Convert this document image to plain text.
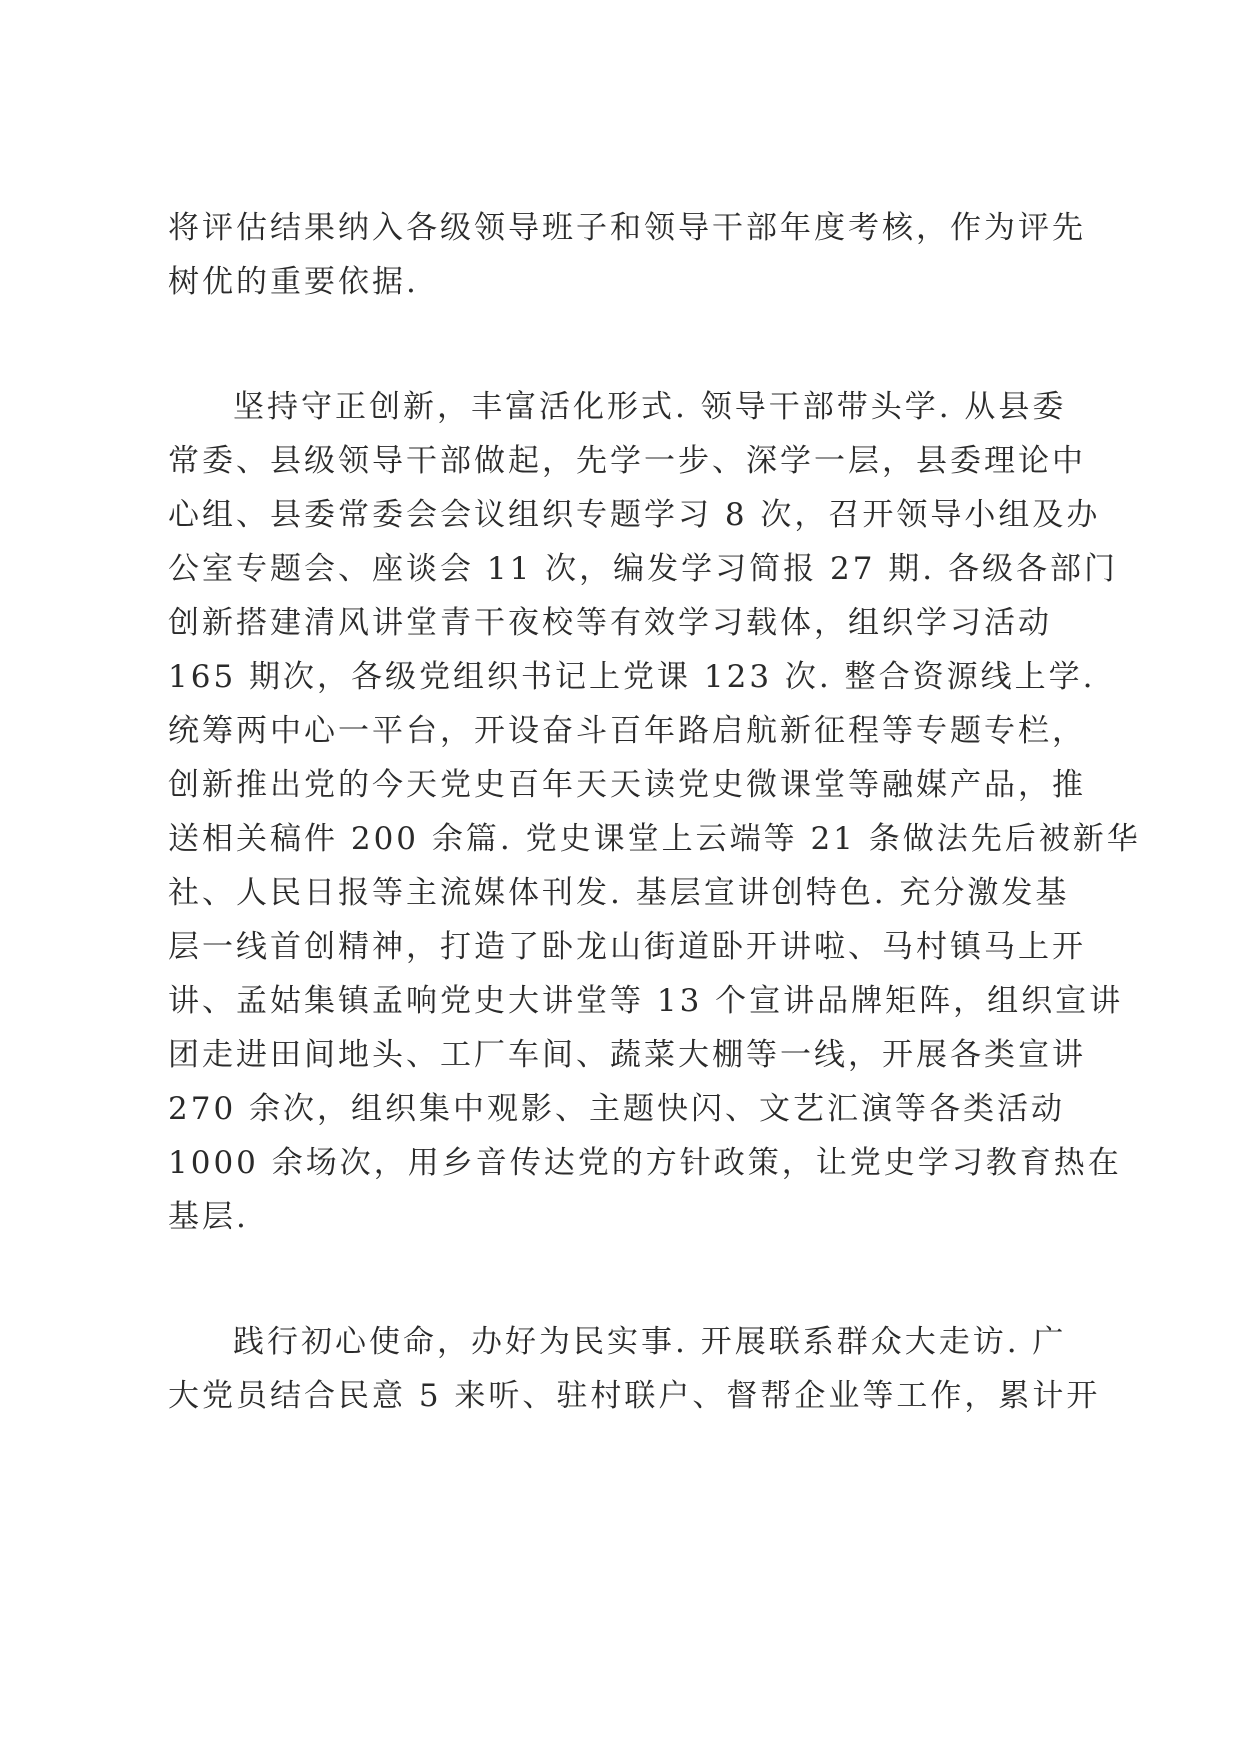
将评估结果纳入各级领导班子和领导干部年度考核，作为评先
树优的重要依据.
坚持守正创新，丰富活化形式. 领导干部带头学. 从县委
常委、县级领导干部做起，先学一步、深学一层，县委理论中
心组、县委常委会会议组织专题学习 8 次，召开领导小组及办
公室专题会、座谈会 11 次，编发学习简报 27 期. 各级各部门
创新搭建清风讲堂青干夜校等有效学习载体，组织学习活动
165 期次，各级党组织书记上党课 123 次. 整合资源线上学.
统筹两中心一平台，开设奋斗百年路启航新征程等专题专栏，
创新推出党的今天党史百年天天读党史微课堂等融媒产品，推
送相关稿件 200 余篇. 党史课堂上云端等 21 条做法先后被新华
社、人民日报等主流媒体刊发. 基层宣讲创特色. 充分激发基
层一线首创精神，打造了卧龙山街道卧开讲啦、马村镇马上开
讲、孟姑集镇孟响党史大讲堂等 13 个宣讲品牌矩阵，组织宣讲
团走进田间地头、工厂车间、蔬菜大棚等一线，开展各类宣讲
270 余次，组织集中观影、主题快闪、文艺汇演等各类活动
1000 余场次，用乡音传达党的方针政策，让党史学习教育热在
基层.
践行初心使命，办好为民实事. 开展联系群众大走访. 广
大党员结合民意 5 来听、驻村联户、督帮企业等工作，累计开
